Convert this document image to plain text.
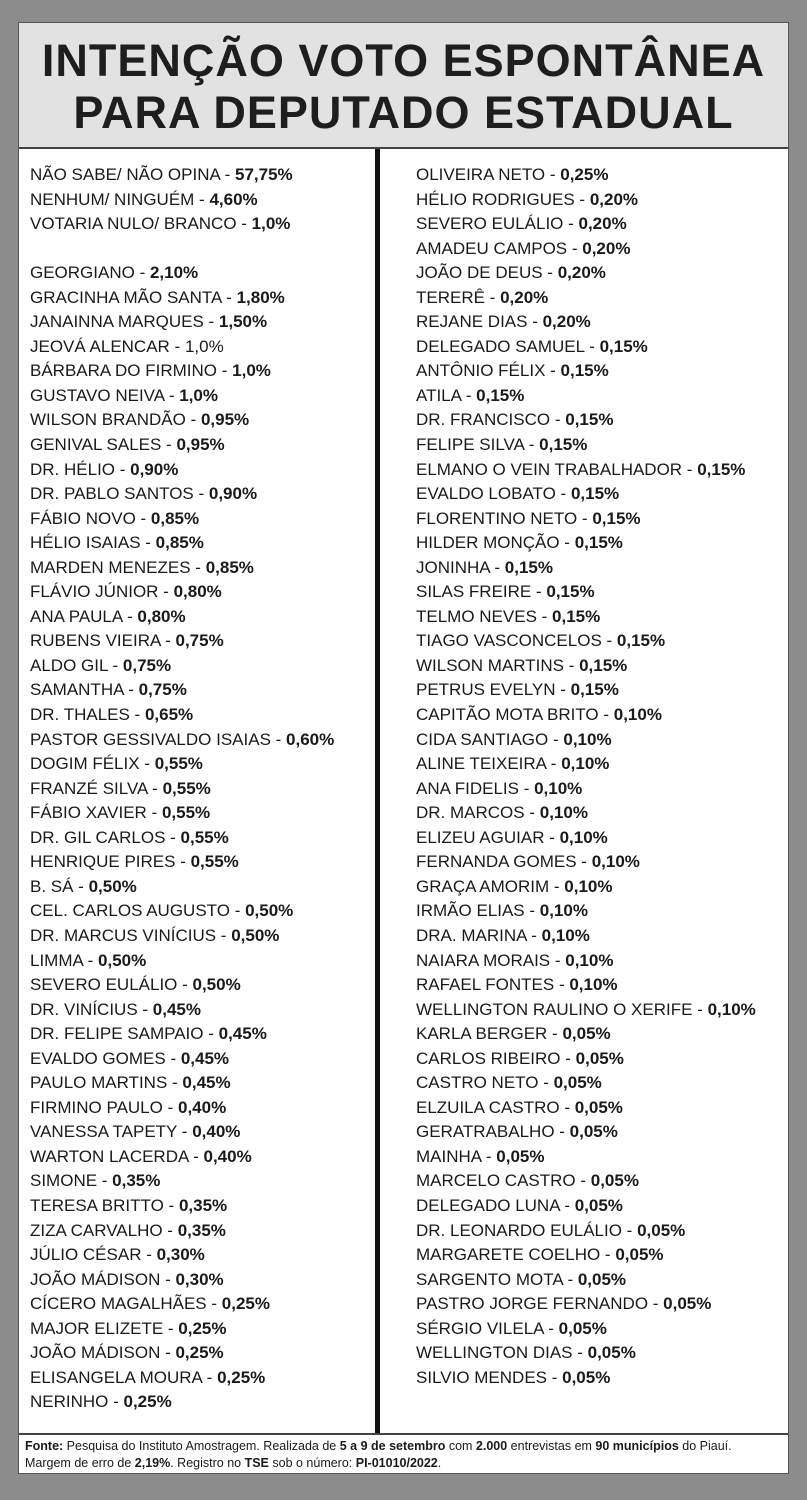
INTENÇÃO VOTO ESPONTÂNEA
PARA DEPUTADO ESTADUAL
NÃO SABE/ NÃO OPINA - 57,75%
NENHUM/ NINGUÉM - 4,60%
VOTARIA NULO/ BRANCO - 1,0%
GEORGIANO - 2,10%
GRACINHA MÃO SANTA - 1,80%
JANAINNA MARQUES - 1,50%
JEOVÁ ALENCAR - 1,0%
BÁRBARA DO FIRMINO - 1,0%
GUSTAVO NEIVA - 1,0%
WILSON BRANDÃO - 0,95%
GENIVAL SALES - 0,95%
DR. HÉLIO - 0,90%
DR. PABLO SANTOS - 0,90%
FÁBIO NOVO - 0,85%
HÉLIO ISAIAS - 0,85%
MARDEN MENEZES - 0,85%
FLÁVIO JÚNIOR - 0,80%
ANA PAULA - 0,80%
RUBENS VIEIRA - 0,75%
ALDO GIL - 0,75%
SAMANTHA - 0,75%
DR. THALES - 0,65%
PASTOR GESSIVALDO ISAIAS - 0,60%
DOGIM FÉLIX - 0,55%
FRANZÉ SILVA - 0,55%
FÁBIO XAVIER - 0,55%
DR. GIL CARLOS - 0,55%
HENRIQUE PIRES - 0,55%
B. SÁ - 0,50%
CEL. CARLOS AUGUSTO - 0,50%
DR. MARCUS VINÍCIUS - 0,50%
LIMMA - 0,50%
SEVERO EULÁLIO - 0,50%
DR. VINÍCIUS - 0,45%
DR. FELIPE SAMPAIO - 0,45%
EVALDO GOMES - 0,45%
PAULO MARTINS - 0,45%
FIRMINO PAULO - 0,40%
VANESSA TAPETY - 0,40%
WARTON LACERDA - 0,40%
SIMONE - 0,35%
TERESA BRITTO - 0,35%
ZIZA CARVALHO - 0,35%
JÚLIO CÉSAR - 0,30%
JOÃO MÁDISON - 0,30%
CÍCERO MAGALHÃES - 0,25%
MAJOR ELIZETE - 0,25%
JOÃO MÁDISON - 0,25%
ELISANGELA MOURA - 0,25%
NERINHO - 0,25%
OLIVEIRA NETO - 0,25%
HÉLIO RODRIGUES - 0,20%
SEVERO EULÁLIO - 0,20%
AMADEU CAMPOS - 0,20%
JOÃO DE DEUS - 0,20%
TERERÊ - 0,20%
REJANE DIAS - 0,20%
DELEGADO SAMUEL - 0,15%
ANTÔNIO FÉLIX - 0,15%
ATILA - 0,15%
DR. FRANCISCO - 0,15%
FELIPE SILVA - 0,15%
ELMANO O VEIN TRABALHADOR - 0,15%
EVALDO LOBATO - 0,15%
FLORENTINO NETO - 0,15%
HILDER MONÇÃO - 0,15%
JONINHA - 0,15%
SILAS FREIRE - 0,15%
TELMO NEVES - 0,15%
TIAGO VASCONCELOS - 0,15%
WILSON MARTINS - 0,15%
PETRUS EVELYN - 0,15%
CAPITÃO MOTA BRITO - 0,10%
CIDA SANTIAGO - 0,10%
ALINE TEIXEIRA - 0,10%
ANA FIDELIS - 0,10%
DR. MARCOS - 0,10%
ELIZEU AGUIAR - 0,10%
FERNANDA GOMES - 0,10%
GRAÇA AMORIM - 0,10%
IRMÃO ELIAS - 0,10%
DRA. MARINA - 0,10%
NAIARA MORAIS - 0,10%
RAFAEL FONTES - 0,10%
WELLINGTON RAULINO O XERIFE - 0,10%
KARLA BERGER - 0,05%
CARLOS RIBEIRO - 0,05%
CASTRO NETO - 0,05%
ELZUILA CASTRO - 0,05%
GERATRABALHO - 0,05%
MAINHA - 0,05%
MARCELO CASTRO - 0,05%
DELEGADO LUNA - 0,05%
DR. LEONARDO EULÁLIO - 0,05%
MARGARETE COELHO - 0,05%
SARGENTO MOTA - 0,05%
PASTRO JORGE FERNANDO - 0,05%
SÉRGIO VILELA - 0,05%
WELLINGTON DIAS - 0,05%
SILVIO MENDES - 0,05%
Fonte: Pesquisa do Instituto Amostragem. Realizada de 5 a 9 de setembro com 2.000 entrevistas em 90 municípios do Piauí.
Margem de erro de 2,19%. Registro no TSE sob o número: PI-01010/2022.
